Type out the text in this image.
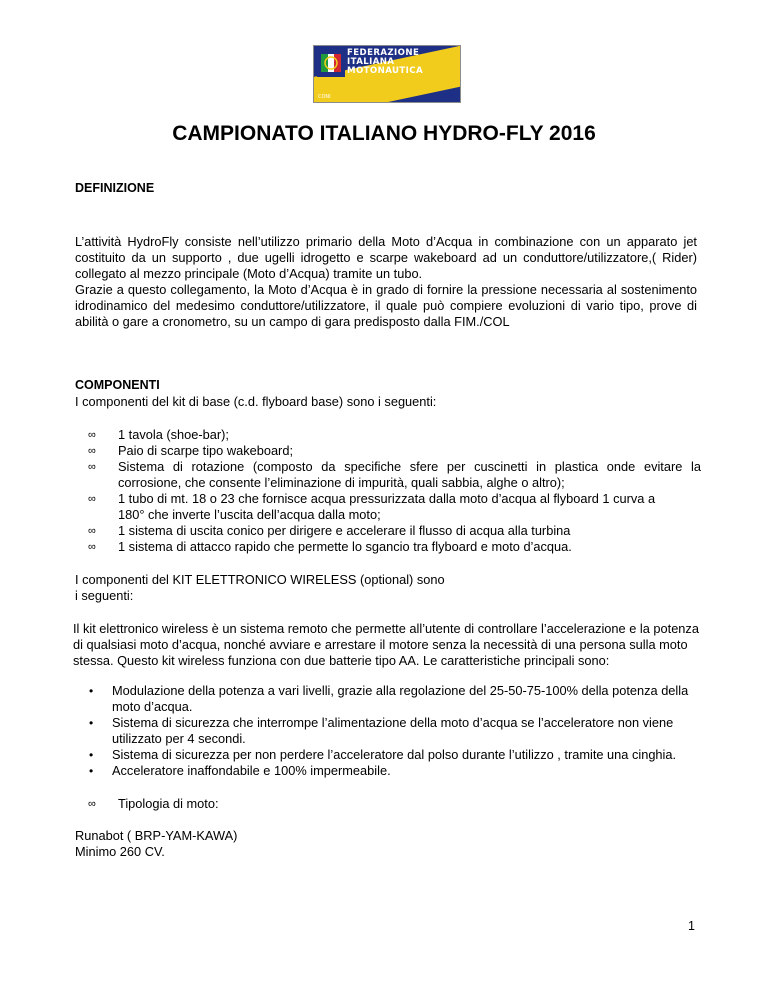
FEDERAZIONE
ITALIANA
MOTONAUTICA
CONI	UIM
CAMPIONATO ITALIANO HYDRO-FLY 2016
DEFINIZIONE

L’attività HydroFly consiste nell’utilizzo primario della Moto d’Acqua in combinazione con un apparato jet costituito da un supporto , due ugelli idrogetto e scarpe wakeboard ad un conduttore/utilizzatore,( Rider) collegato al mezzo principale (Moto d’Acqua) tramite un tubo.

Grazie a questo collegamento, la Moto d’Acqua è in grado di fornire la pressione necessaria al sostenimento idrodinamico del medesimo conduttore/utilizzatore, il quale può compiere evoluzioni di vario tipo, prove di abilità o gare a cronometro, su un campo di gara predisposto dalla FIM./COL

COMPONENTI

I componenti del kit di base (c.d. flyboard base) sono i seguenti:

∞ 1 tavola (shoe-bar);
∞ Paio di scarpe tipo wakeboard;
∞ Sistema di rotazione (composto da specifiche sfere per cuscinetti in plastica onde evitare la corrosione, che consente l’eliminazione di impurità, quali sabbia, alghe o altro);
∞ 1 tubo di mt. 18 o 23 che fornisce acqua pressurizzata dalla moto d’acqua al flyboard 1 curva a 180° che inverte l’uscita dell’acqua dalla moto;
∞ 1 sistema di uscita conico per dirigere e accelerare il flusso di acqua alla turbina
∞ 1 sistema di attacco rapido che permette lo sgancio tra flyboard e moto d’acqua.

I componenti del KIT ELETTRONICO WIRELESS (optional) sono

i seguenti:

Il kit elettronico wireless è un sistema remoto che permette all’utente di controllare l’accelerazione e la potenza di qualsiasi moto d’acqua, nonché avviare e arrestare il motore senza la necessità di una persona sulla moto stessa. Questo kit wireless funziona con due batterie tipo AA. Le caratteristiche principali sono:

• Modulazione della potenza a vari livelli, grazie alla regolazione del 25-50-75-100% della potenza della moto d’acqua.
• Sistema di sicurezza che interrompe l’alimentazione della moto d’acqua se l’acceleratore non viene utilizzato per 4 secondi.
• Sistema di sicurezza per non perdere l’acceleratore dal polso durante l’utilizzo , tramite una cinghia.
• Acceleratore inaffondabile e 100% impermeabile.
∞ Tipologia di moto:

Runabot ( BRP-YAM-KAWA)

Minimo 260 CV.

1
